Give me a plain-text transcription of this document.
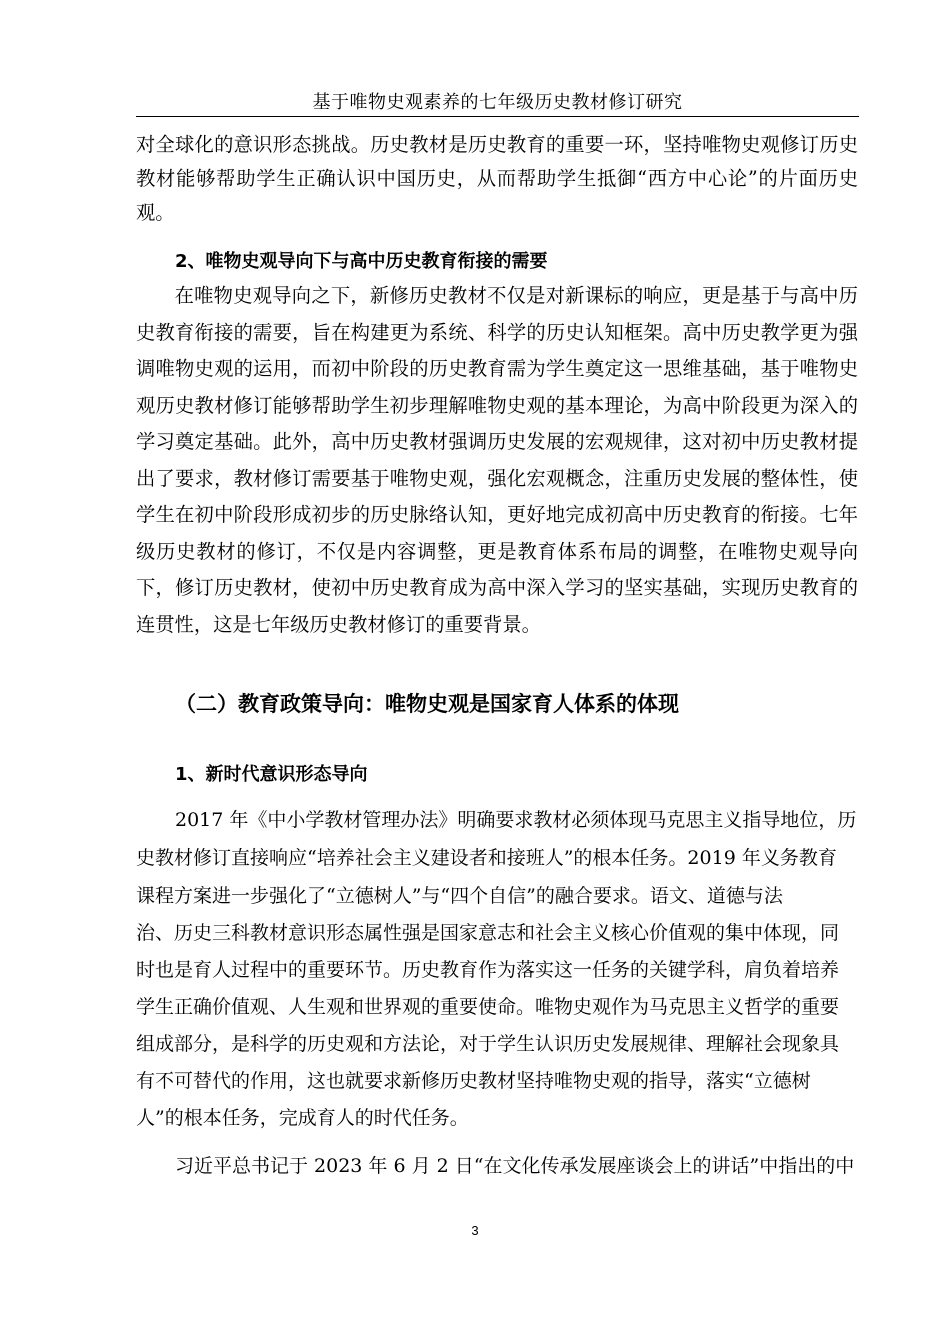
基于唯物史观素养的七年级历史教材修订研究
对全球化的意识形态挑战。历史教材是历史教育的重要一环，坚持唯物史观修订历史教材能够帮助学生正确认识中国历史，从而帮助学生抵御“西方中心论”的片面历史观。
2、唯物史观导向下与高中历史教育衔接的需要
在唯物史观导向之下，新修历史教材不仅是对新课标的响应，更是基于与高中历史教育衔接的需要，旨在构建更为系统、科学的历史认知框架。高中历史教学更为强调唯物史观的运用，而初中阶段的历史教育需为学生奠定这一思维基础，基于唯物史观历史教材修订能够帮助学生初步理解唯物史观的基本理论，为高中阶段更为深入的学习奠定基础。此外，高中历史教材强调历史发展的宏观规律，这对初中历史教材提出了要求，教材修订需要基于唯物史观，强化宏观概念，注重历史发展的整体性，使学生在初中阶段形成初步的历史脉络认知，更好地完成初高中历史教育的衔接。七年级历史教材的修订，不仅是内容调整，更是教育体系布局的调整，在唯物史观导向下，修订历史教材，使初中历史教育成为高中深入学习的坚实基础，实现历史教育的连贯性，这是七年级历史教材修订的重要背景。
（二）教育政策导向：唯物史观是国家育人体系的体现
1、新时代意识形态导向
2017 年《中小学教材管理办法》明确要求教材必须体现马克思主义指导地位，历
史教材修订直接响应“培养社会主义建设者和接班人”的根本任务。2019 年义务教育
课程方案进一步强化了“立德树人”与“四个自信”的融合要求。语文、道德与法
治、历史三科教材意识形态属性强是国家意志和社会主义核心价值观的集中体现，同
时也是育人过程中的重要环节。历史教育作为落实这一任务的关键学科，肩负着培养
学生正确价值观、人生观和世界观的重要使命。唯物史观作为马克思主义哲学的重要
组成部分，是科学的历史观和方法论，对于学生认识历史发展规律、理解社会现象具
有不可替代的作用，这也就要求新修历史教材坚持唯物史观的指导，落实“立德树
人”的根本任务，完成育人的时代任务。
习近平总书记于 2023 年 6 月 2 日“在文化传承发展座谈会上的讲话”中指出的中
3
